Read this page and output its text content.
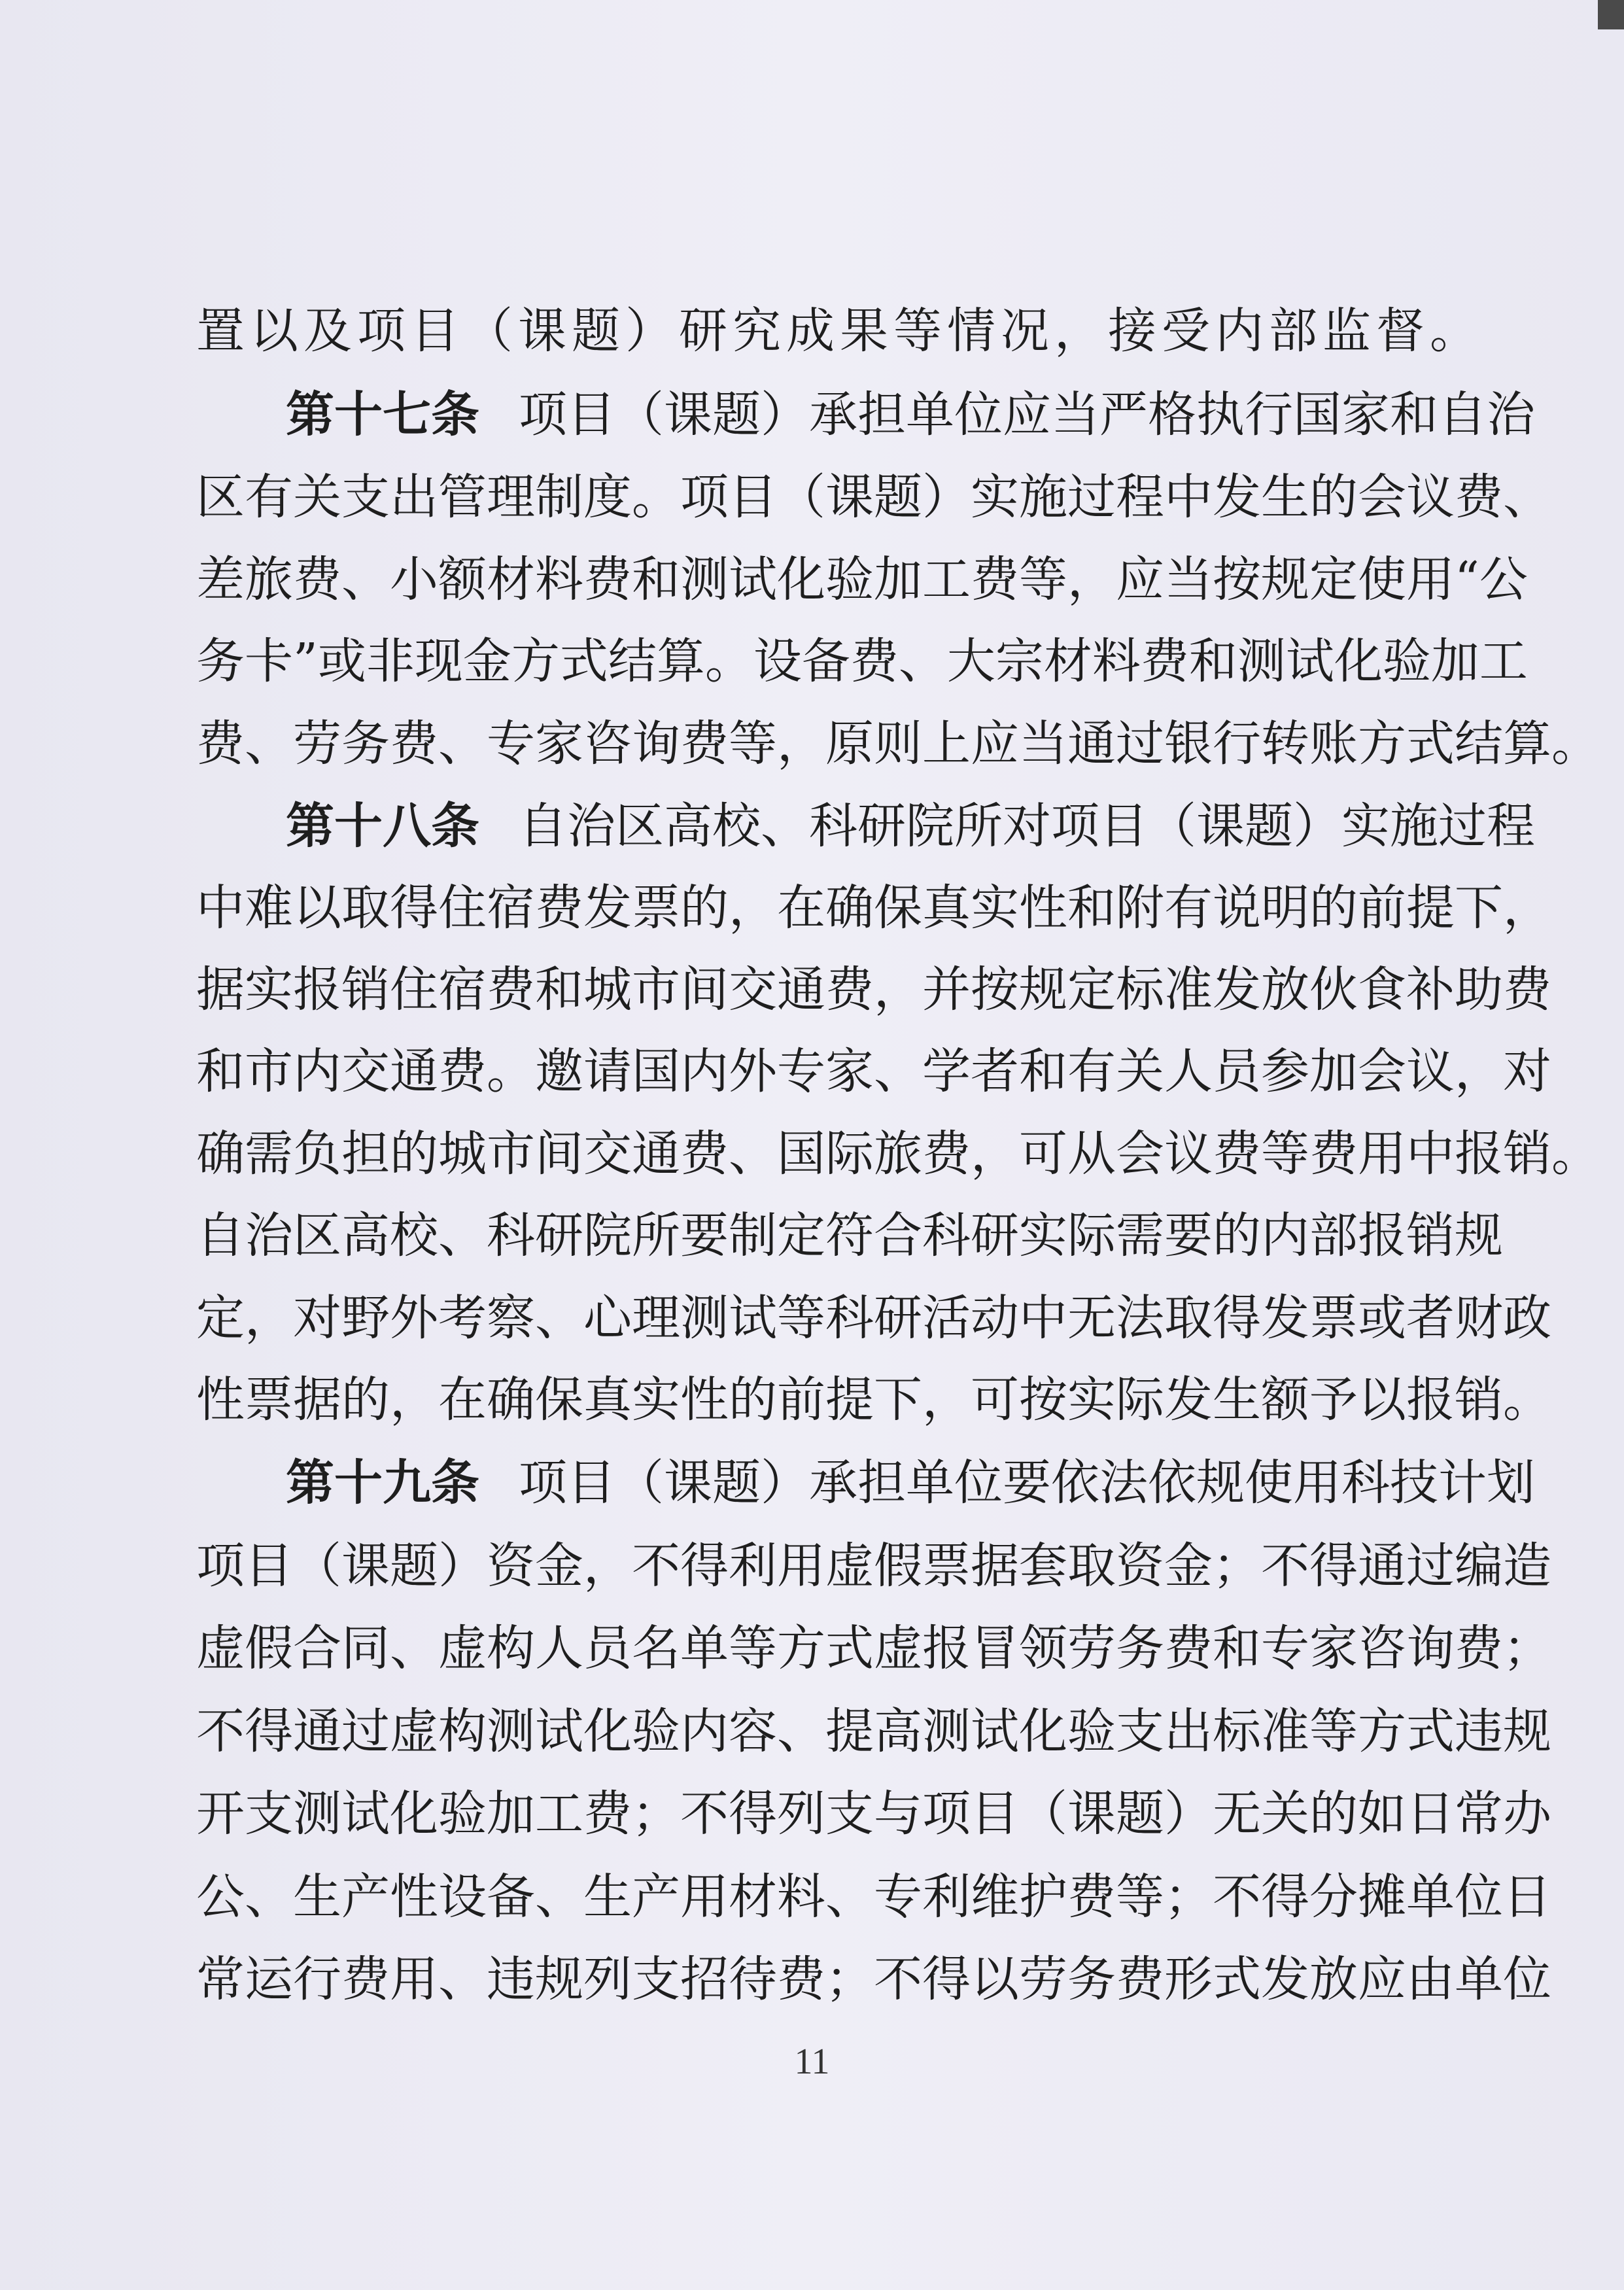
置以及项目（课题）研究成果等情况，接受内部监督。
第十七条 项目（课题）承担单位应当严格执行国家和自治
区有关支出管理制度。项目（课题）实施过程中发生的会议费、
差旅费、小额材料费和测试化验加工费等，应当按规定使用“公
务卡”或非现金方式结算。设备费、大宗材料费和测试化验加工
费、劳务费、专家咨询费等，原则上应当通过银行转账方式结算。
第十八条 自治区高校、科研院所对项目（课题）实施过程
中难以取得住宿费发票的，在确保真实性和附有说明的前提下，
据实报销住宿费和城市间交通费，并按规定标准发放伙食补助费
和市内交通费。邀请国内外专家、学者和有关人员参加会议，对
确需负担的城市间交通费、国际旅费，可从会议费等费用中报销。
自治区高校、科研院所要制定符合科研实际需要的内部报销规
定，对野外考察、心理测试等科研活动中无法取得发票或者财政
性票据的，在确保真实性的前提下，可按实际发生额予以报销。
第十九条 项目（课题）承担单位要依法依规使用科技计划
项目（课题）资金，不得利用虚假票据套取资金；不得通过编造
虚假合同、虚构人员名单等方式虚报冒领劳务费和专家咨询费；
不得通过虚构测试化验内容、提高测试化验支出标准等方式违规
开支测试化验加工费；不得列支与项目（课题）无关的如日常办
公、生产性设备、生产用材料、专利维护费等；不得分摊单位日
常运行费用、违规列支招待费；不得以劳务费形式发放应由单位
11
